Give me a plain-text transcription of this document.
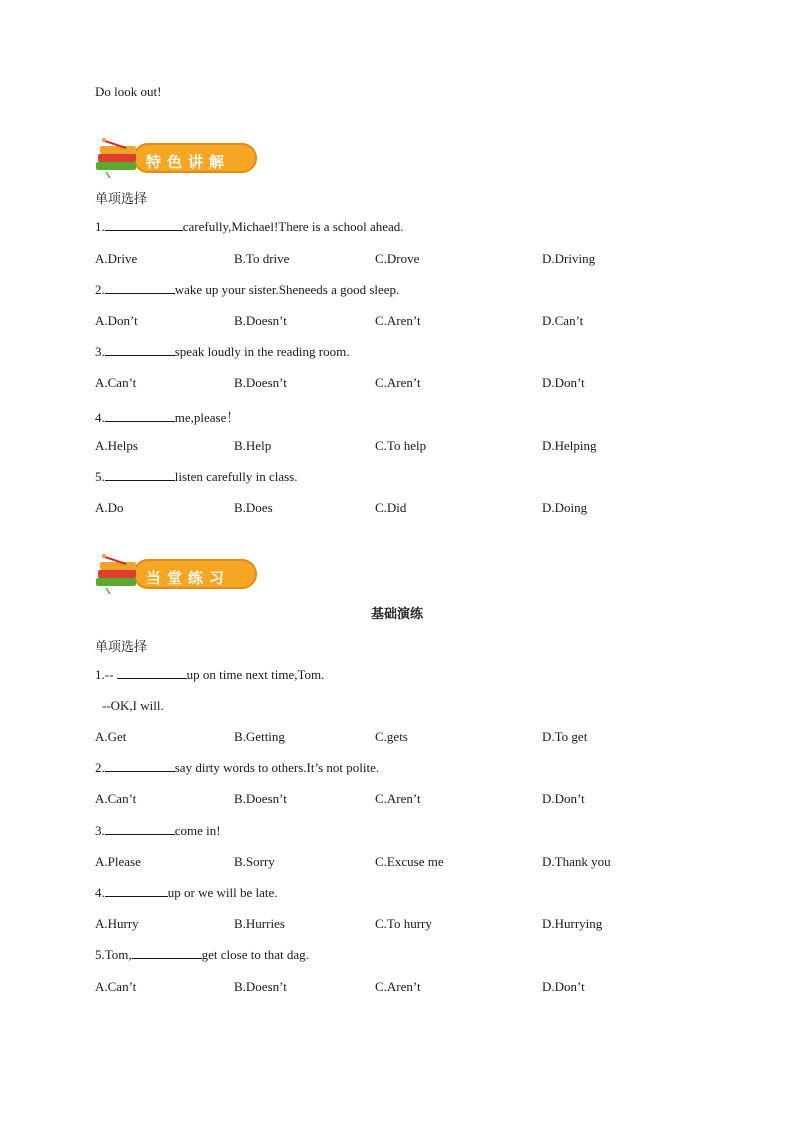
Do look out!
特色讲解
单项选择
1.	carefully,Michael!There is a school ahead.
A.Drive	B.To drive	C.Drove	D.Driving
2.	wake up your sister.Sheneeds a good sleep.
A.Don’t	B.Doesn’t	C.Aren’t	D.Can’t
3.	speak loudly in the reading room.
A.Can’t	B.Doesn’t	C.Aren’t	D.Don’t
4.	me,please！
A.Helps	B.Help	C.To help	D.Helping
5.	listen carefully in class.
A.Do	B.Does	C.Did	D.Doing
当堂练习
基础演练
单项选择
1.--	up on time next time,Tom.
--OK,I will.
A.Get	B.Getting	C.gets	D.To get
2.	say dirty words to others.It’s not polite.
A.Can’t	B.Doesn’t	C.Aren’t	D.Don’t
3.	come in!
A.Please	B.Sorry	C.Excuse me	D.Thank you
4.	up or we will be late.
A.Hurry	B.Hurries	C.To hurry	D.Hurrying
5.Tom,	get close to that dag.
A.Can’t	B.Doesn’t	C.Aren’t	D.Don’t
